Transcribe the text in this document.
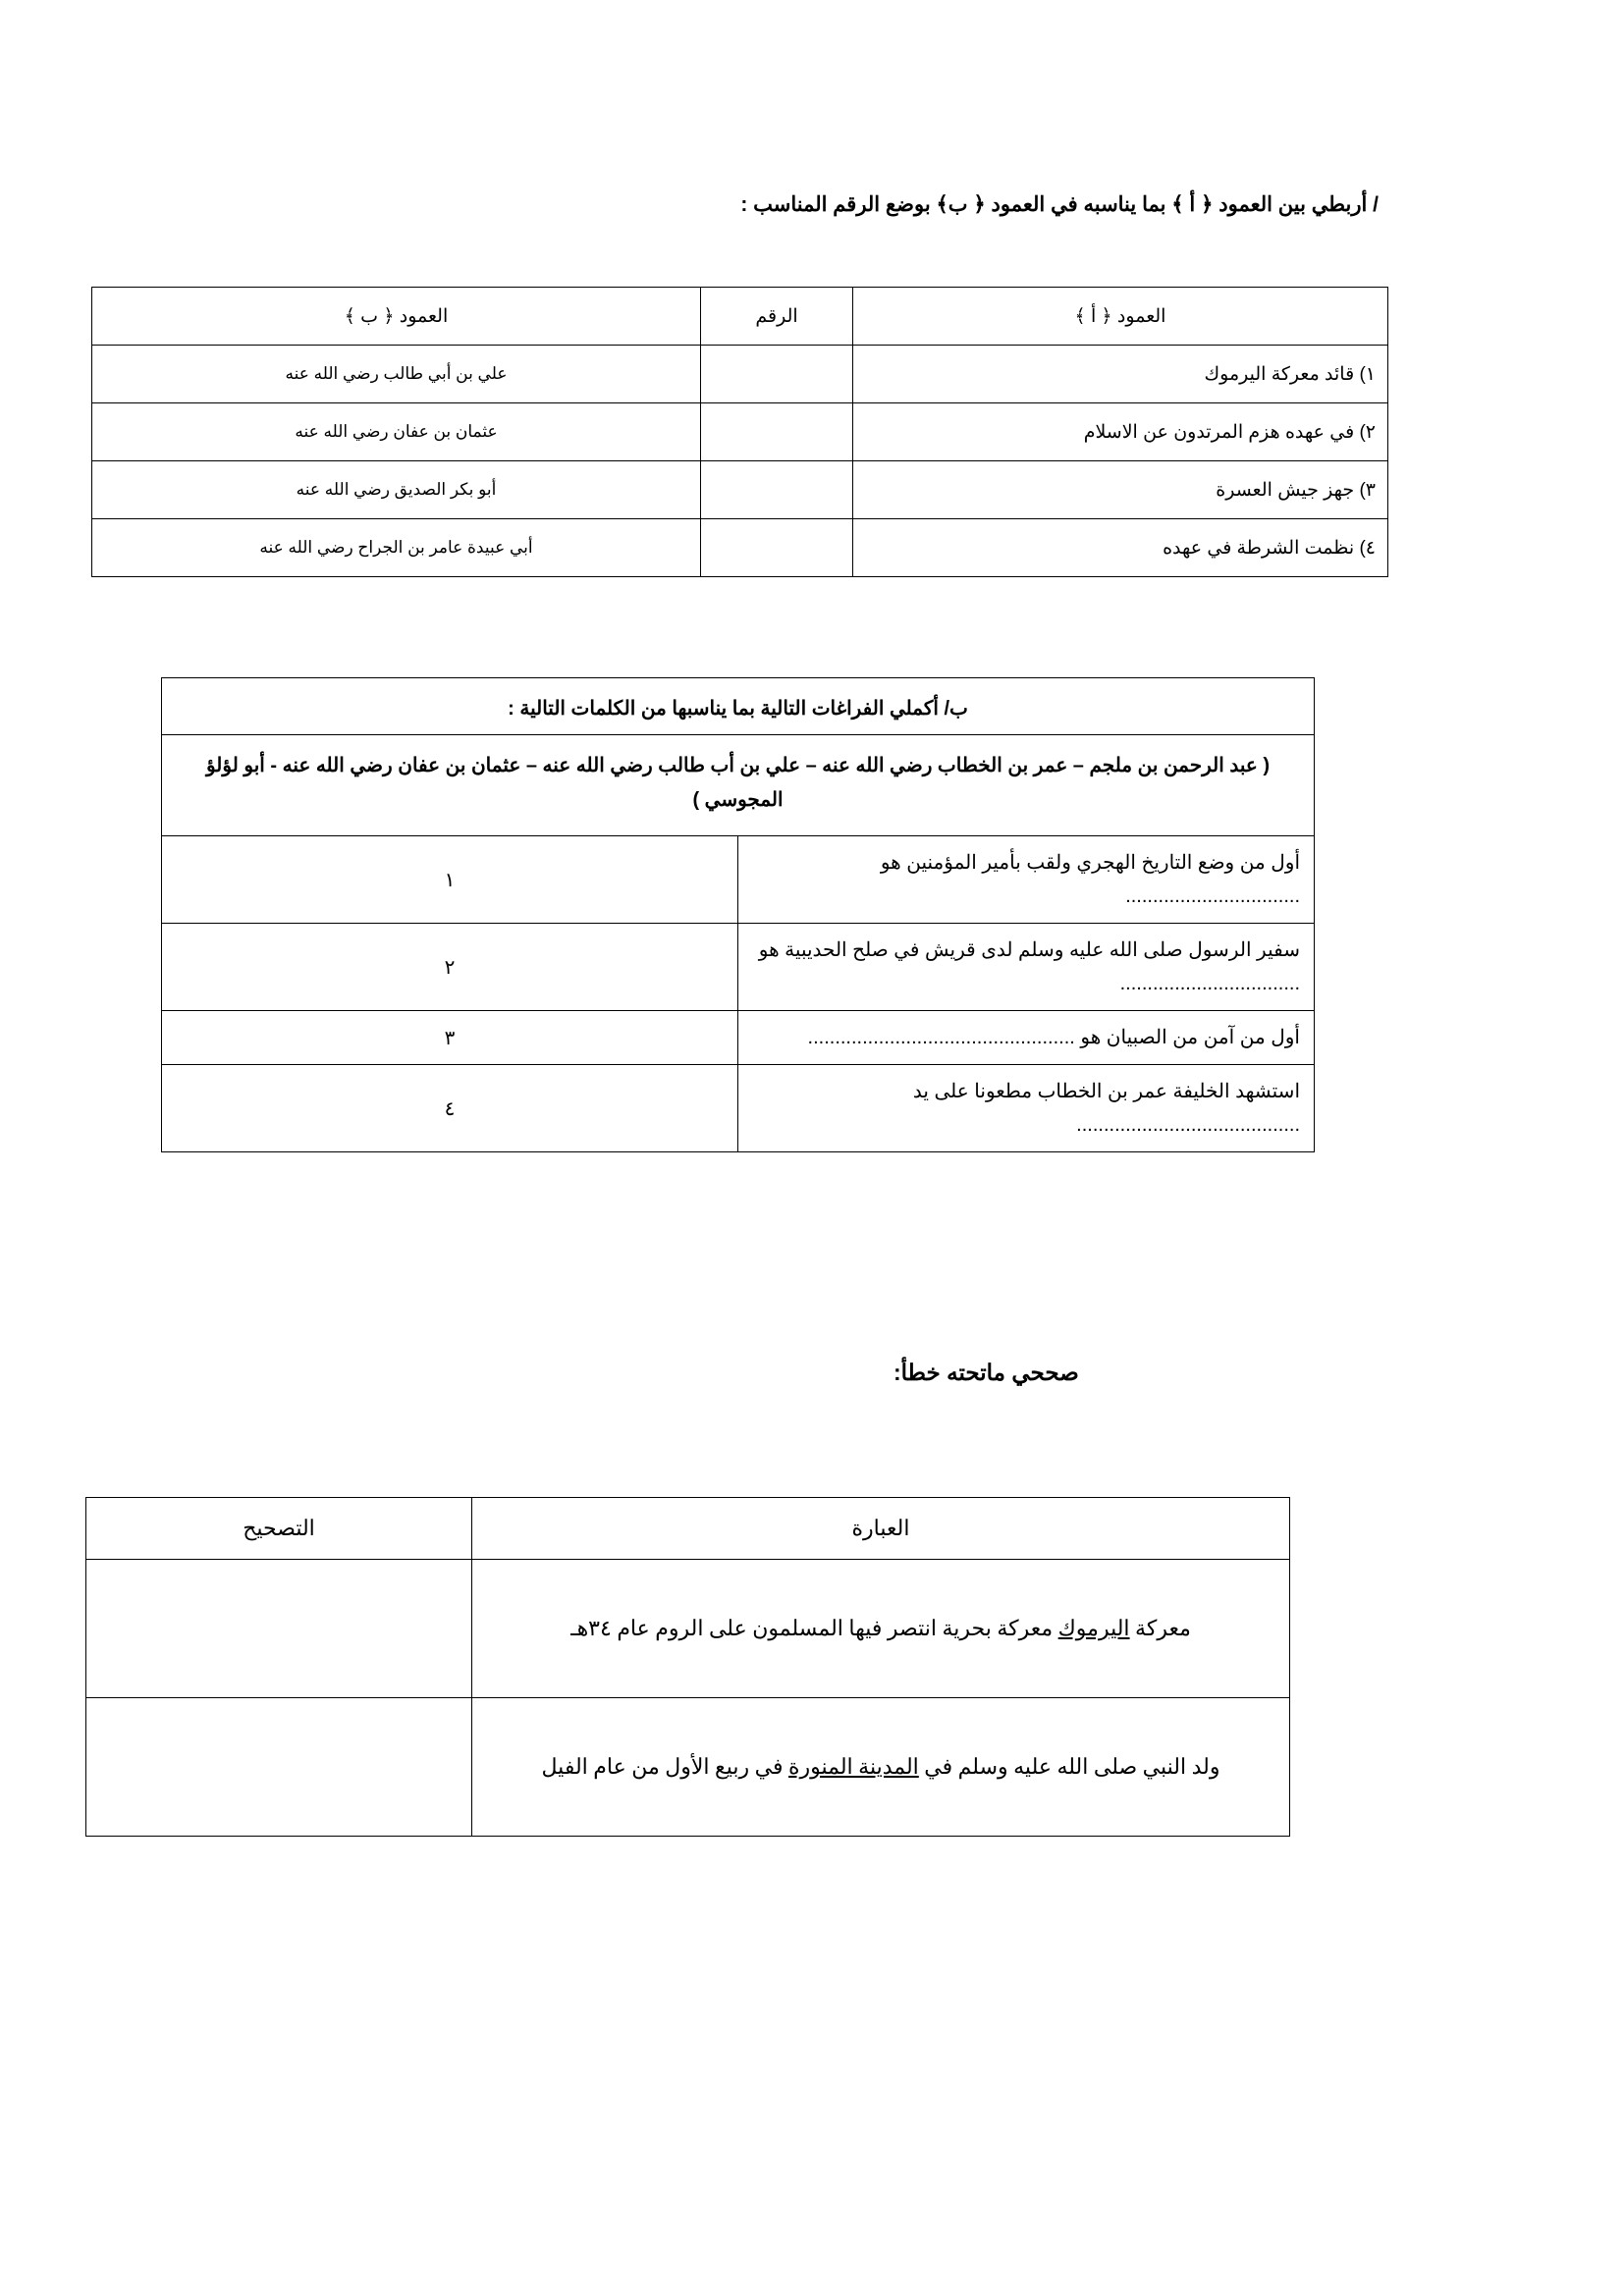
/ أربطي بين العمود ﴿ أ ﴾ بما يناسبه في العمود ﴿ ب﴾ بوضع الرقم المناسب :
العمود ﴿ أ ﴾	الرقم	العمود ﴿ ب ﴾
١) قائد معركة اليرموك		علي بن أبي طالب رضي الله عنه
٢) في عهده هزم المرتدون عن الاسلام		عثمان بن عفان رضي الله عنه
٣) جهز جيش العسرة		أبو بكر الصديق رضي الله عنه
٤) نظمت الشرطة في عهده		أبي عبيدة عامر بن الجراح رضي الله عنه
ب/ أكملي الفراغات التالية بما يناسبها من الكلمات التالية :	
( عبد الرحمن بن ملجم – عمر بن الخطاب رضي الله عنه – علي بن أب طالب رضي الله عنه – عثمان بن عفان رضي الله عنه - أبو لؤلؤ المجوسي )	
أول من وضع التاريخ الهجري ولقب بأمير المؤمنين هو ................................	١
سفير الرسول صلى الله عليه وسلم لدى قريش في صلح الحديبية هو .................................	٢
أول من آمن من الصبيان هو .................................................	٣
استشهد الخليفة عمر بن الخطاب مطعونا على يد .........................................	٤
صححي ماتحته خطأ:
العبارة	التصحيح
معركة اليرموك معركة بحرية انتصر فيها المسلمون على الروم عام ٣٤هـ	
ولد النبي صلى الله عليه وسلم في المدينة المنورة في ربيع الأول من عام الفيل	
